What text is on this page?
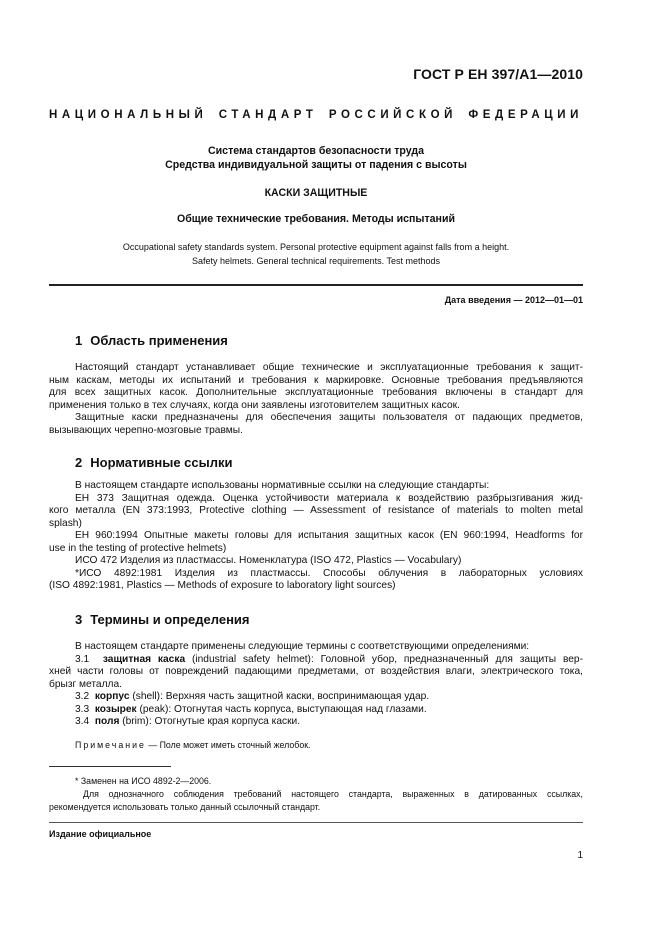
ГОСТ Р ЕН 397/А1—2010
НАЦИОНАЛЬНЫЙ СТАНДАРТ РОССИЙСКОЙ ФЕДЕРАЦИИ
Система стандартов безопасности труда
Средства индивидуальной защиты от падения с высоты
КАСКИ ЗАЩИТНЫЕ
Общие технические требования. Методы испытаний
Occupational safety standards system. Personal protective equipment against falls from a height.
Safety helmets. General technical requirements. Test methods
Дата введения — 2012—01—01
1 Область применения

Настоящий стандарт устанавливает общие технические и эксплуатационные требования к защит-

ным каскам, методы их испытаний и требования к маркировке. Основные требования предъявляются

для всех защитных касок. Дополнительные эксплуатационные требования включены в стандарт для

применения только в тех случаях, когда они заявлены изготовителем защитных касок.

Защитные каски предназначены для обеспечения защиты пользователя от падающих предметов,

вызывающих черепно-мозговые травмы.

2 Нормативные ссылки

В настоящем стандарте использованы нормативные ссылки на следующие стандарты:

ЕН 373 Защитная одежда. Оценка устойчивости материала к воздействию разбрызгивания жид-

кого металла (EN 373:1993, Protective clothing — Assessment of resistance of materials to molten metal

splash)

ЕН 960:1994 Опытные макеты головы для испытания защитных касок (EN 960:1994, Headforms for

use in the testing of protective helmets)

ИСО 472 Изделия из пластмассы. Номенклатура (ISO 472, Plastics — Vocabulary)

*ИСО 4892:1981 Изделия из пластмассы. Способы облучения в лабораторных условиях

(ISO 4892:1981, Plastics — Methods of exposure to laboratory light sources)

3 Термины и определения

В настоящем стандарте применены следующие термины с соответствующими определениями:

3.1 защитная каска (industrial safety helmet): Головной убор, предназначенный для защиты вер-

хней части головы от повреждений падающими предметами, от воздействия влаги, электрического тока,

брызг металла.

3.2 корпус (shell): Верхняя часть защитной каски, воспринимающая удар.

3.3 козырек (peak): Отогнутая часть корпуса, выступающая над глазами.

3.4 поля (brim): Отогнутые края корпуса каски.

Примечание — Поле может иметь сточный желобок.

* Заменен на ИСО 4892-2—2006.

Для однозначного соблюдения требований настоящего стандарта, выраженных в датированных ссылках,

рекомендуется использовать только данный ссылочный стандарт.

Издание официальное
1
